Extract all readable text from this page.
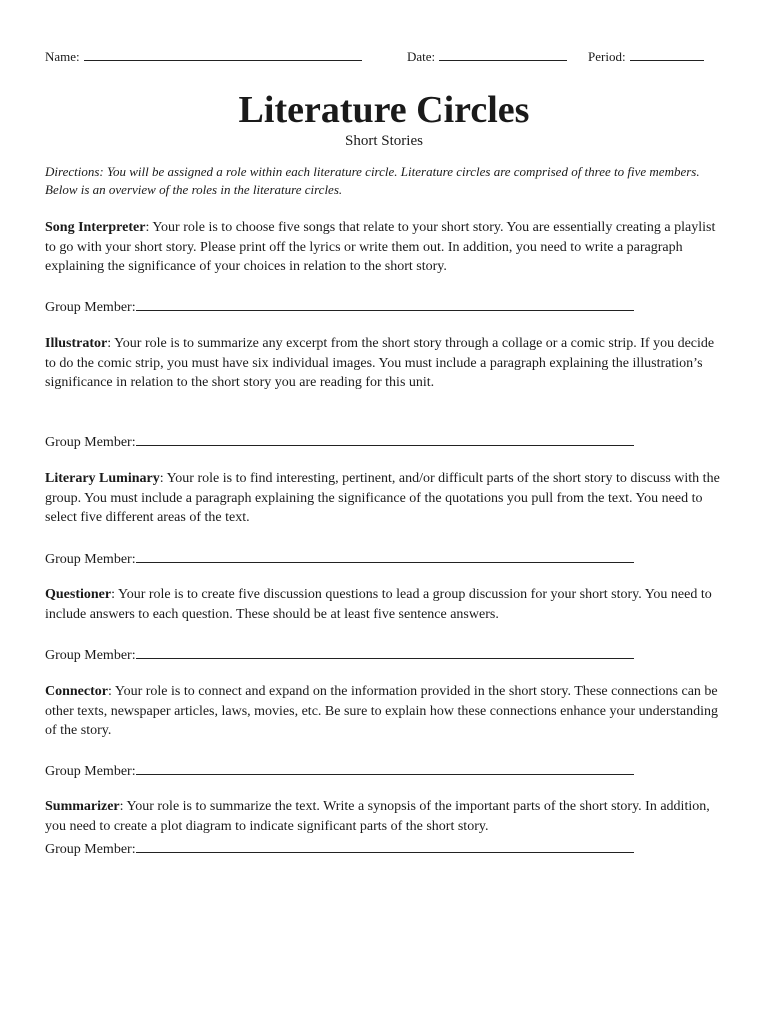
Name:	Date:	Period:
Literature Circles
Short Stories
Directions: You will be assigned a role within each literature circle. Literature circles are comprised of three to five members. Below is an overview of the roles in the literature circles.
Song Interpreter: Your role is to choose five songs that relate to your short story. You are essentially creating a playlist to go with your short story. Please print off the lyrics or write them out. In addition, you need to write a paragraph explaining the significance of your choices in relation to the short story.
Group Member:
Illustrator: Your role is to summarize any excerpt from the short story through a collage or a comic strip. If you decide to do the comic strip, you must have six individual images. You must include a paragraph explaining the illustration’s significance in relation to the short story you are reading for this unit.
Group Member:
Literary Luminary: Your role is to find interesting, pertinent, and/or difficult parts of the short story to discuss with the group. You must include a paragraph explaining the significance of the quotations you pull from the text. You need to select five different areas of the text.
Group Member:
Questioner: Your role is to create five discussion questions to lead a group discussion for your short story. You need to include answers to each question. These should be at least five sentence answers.
Group Member:
Connector: Your role is to connect and expand on the information provided in the short story. These connections can be other texts, newspaper articles, laws, movies, etc. Be sure to explain how these connections enhance your understanding of the story.
Group Member:
Summarizer: Your role is to summarize the text. Write a synopsis of the important parts of the short story. In addition, you need to create a plot diagram to indicate significant parts of the short story.
Group Member:
